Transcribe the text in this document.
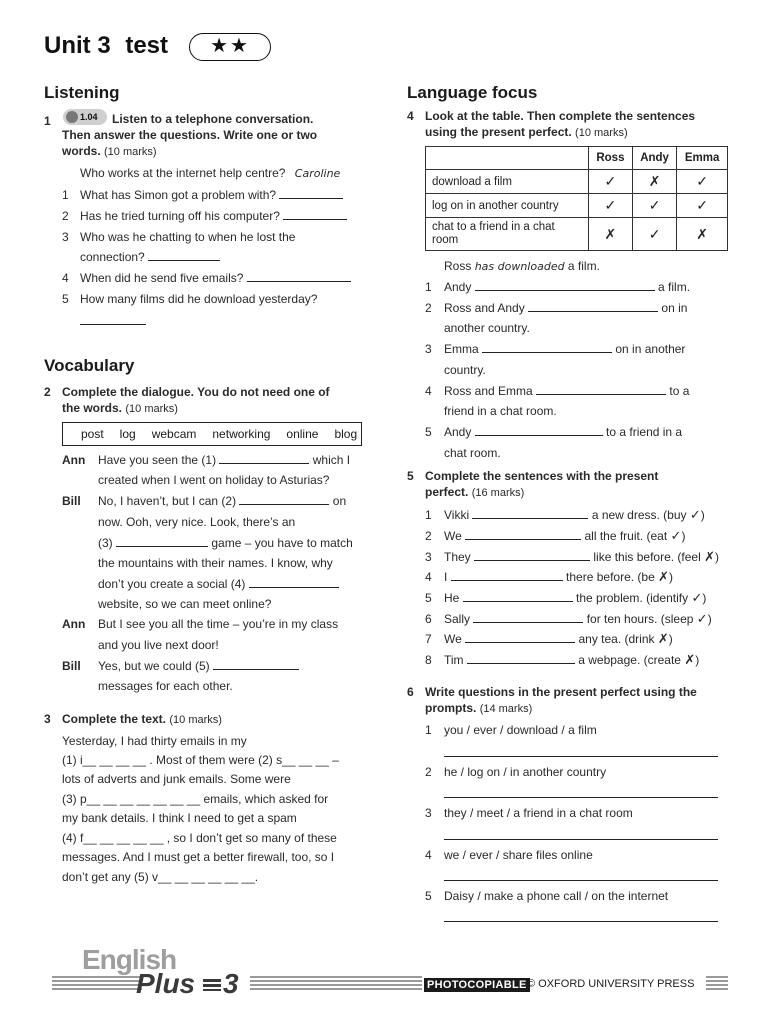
Unit 3 test	★★
Listening
1	1.04	Listen to a telephone conversation.
Then answer the questions. Write one or two
words. (10 marks)
Who works at the internet help centre? Caroline
1 What has Simon got a problem with?
2 Has he tried turning off his computer?
3 Who was he chatting to when he lost the
connection?
4 When did he send five emails?
5 How many films did he download yesterday?
Vocabulary
2 Complete the dialogue. You do not need one of
the words. (10 marks)
post   log   webcam   networking   online   blog
Ann Have you seen the (1)	which I
created when I went on holiday to Asturias?
Bill No, I haven’t, but I can (2)	on
now. Ooh, very nice. Look, there’s an
(3)	game – you have to match
the mountains with their names. I know, why
don’t you create a social (4)
website, so we can meet online?
Ann But I see you all the time – you’re in my class
and you live next door!
Bill Yes, but we could (5)
messages for each other.
3 Complete the text. (10 marks)
Yesterday, I had thirty emails in my
(1) i__ __ __ __ . Most of them were (2) s__ __ __ –
lots of adverts and junk emails. Some were
(3) p__ __ __ __ __ __ __ emails, which asked for
my bank details. I think I need to get a spam
(4) f__ __ __ __ __ , so I don’t get so many of these
messages. And I must get a better firewall, too, so I
don’t get any (5) v__ __ __ __ __ __.
Language focus
4 Look at the table. Then complete the sentences
using the present perfect. (10 marks)
	Ross	Andy	Emma
download a film	✓	✗	✓
log on in another country	✓	✓	✓
chat to a friend in a chat room	✗	✓	✗
Ross has downloaded a film.
1 Andy	a film.
2 Ross and Andy	on in
another country.
3 Emma	on in another
country.
4 Ross and Emma	to a
friend in a chat room.
5 Andy	to a friend in a
chat room.
5 Complete the sentences with the present
perfect. (16 marks)
1 Vikki	a new dress. (buy ✓)
2 We	all the fruit. (eat ✓)
3 They	like this before. (feel ✗)
4 I	there before. (be ✗)
5 He	the problem. (identify ✓)
6 Sally	for ten hours. (sleep ✓)
7 We	any tea. (drink ✗)
8 Tim	a webpage. (create ✗)
6 Write questions in the present perfect using the
prompts. (14 marks)
1 you / ever / download / a film
2 he / log on / in another country
3 they / meet / a friend in a chat room
4 we / ever / share files online
5 Daisy / make a phone call / on the internet
English
Plus 3	PHOTOCOPIABLE © OXFORD UNIVERSITY PRESS
